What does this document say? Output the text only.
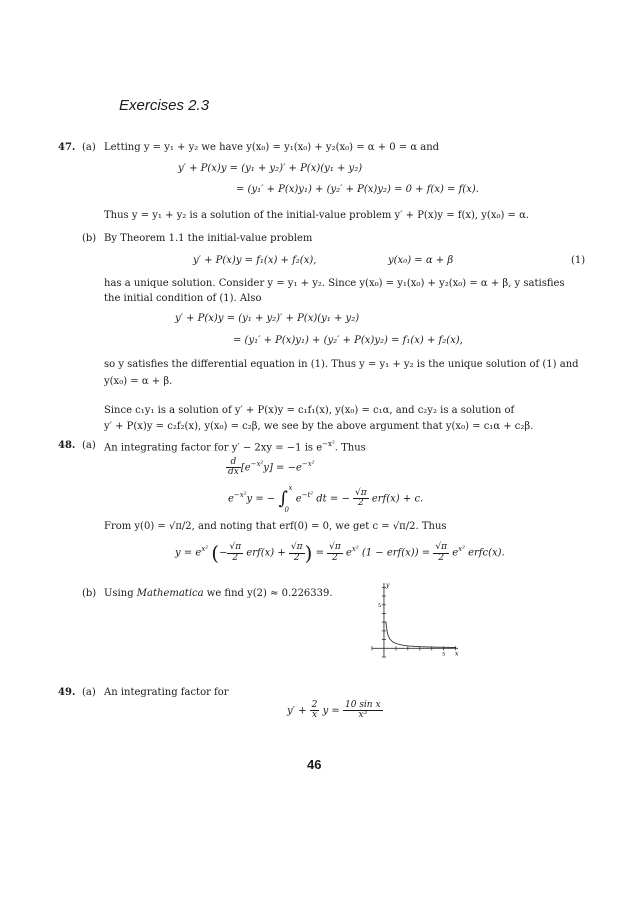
Exercises 2.3
47. (a) Letting y = y₁ + y₂ we have y(x₀) = y₁(x₀) + y₂(x₀) = α + 0 = α and
y′ + P(x)y = (y₁ + y₂)′ + P(x)(y₁ + y₂)
= (y₁′ + P(x)y₁) + (y₂′ + P(x)y₂) = 0 + f(x) = f(x).
Thus y = y₁ + y₂ is a solution of the initial-value problem y′ + P(x)y = f(x), y(x₀) = α.
(b) By Theorem 1.1 the initial-value problem
y′ + P(x)y = f₁(x) + f₂(x),	y(x₀) = α + β	(1)
has a unique solution. Consider y = y₁ + y₂. Since y(x₀) = y₁(x₀) + y₂(x₀) = α + β, y satisfies
the initial condition of (1). Also
y′ + P(x)y = (y₁ + y₂)′ + P(x)(y₁ + y₂)
= (y₁′ + P(x)y₁) + (y₂′ + P(x)y₂) = f₁(x) + f₂(x),
so y satisfies the differential equation in (1). Thus y = y₁ + y₂ is the unique solution of (1) and
y(x₀) = α + β.
Since c₁y₁ is a solution of y′ + P(x)y = c₁f₁(x), y(x₀) = c₁α, and c₂y₂ is a solution of
y′ + P(x)y = c₂f₂(x), y(x₀) = c₂β, we see by the above argument that y(x₀) = c₁α + c₂β.
48. (a) An integrating factor for y′ − 2xy = −1 is $e^{-x^2}$. Thus
$\frac{d}{dx} [e^{-x^2}y] = -e^{-x^2}$
$e^{-x^2}y$ = − ∫ x
0
$e^{-t^2}$ dt = − $\frac{√\pi}{2} erf(x) + c$.
From y(0) = √π/2, and noting that erf(0) = 0, we get c = √π/2. Thus
$y = e^{x^2}$ (− $\frac{√\pi}{2} erf(x) + \frac{√\pi}{2}$ ) = $\frac{√\pi}{2} e^{x^2}$ $(1 - erf(x)) = \frac{√\pi}{2} e^{x^2}$ erfc(x).
(b) Using Mathematica we find y(2) ≈ 0.226339.
y
x
5
5
49. (a) An integrating factor for
$y' + \frac{2}{x}$ $y = \frac{\text{10 sin x}}{\text{x³}}$
46
